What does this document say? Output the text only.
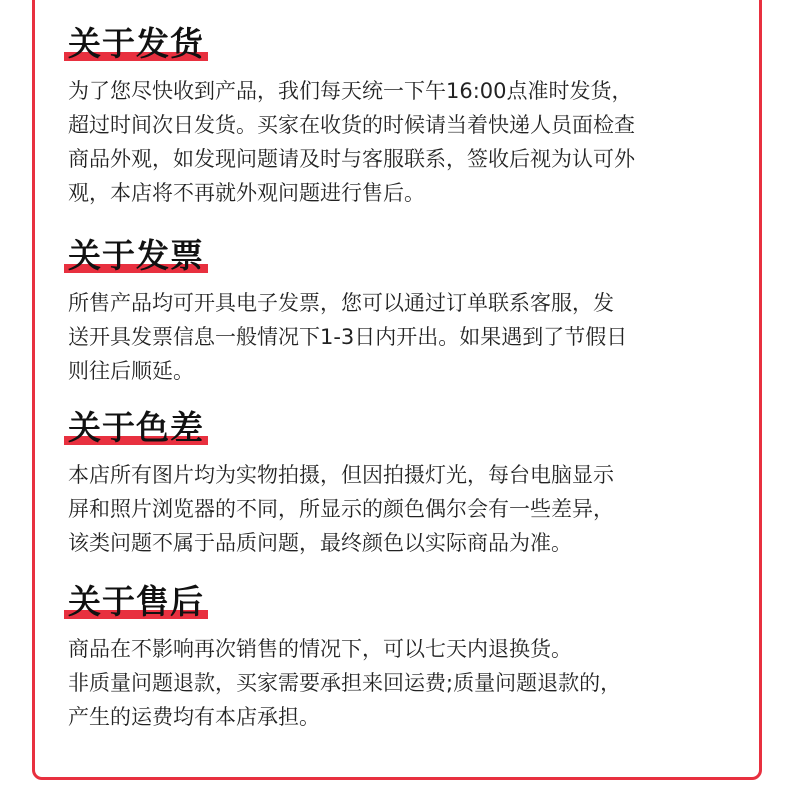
关于发货
为了您尽快收到产品，我们每天统一下午16:00点准时发货，
超过时间次日发货。买家在收货的时候请当着快递人员面检查
商品外观，如发现问题请及时与客服联系，签收后视为认可外
观，本店将不再就外观问题进行售后。
关于发票
所售产品均可开具电子发票，您可以通过订单联系客服，发
送开具发票信息一般情况下1-3日内开出。如果遇到了节假日
则往后顺延。
关于色差
本店所有图片均为实物拍摄，但因拍摄灯光，每台电脑显示
屏和照片浏览器的不同，所显示的颜色偶尔会有一些差异，
该类问题不属于品质问题，最终颜色以实际商品为准。
关于售后
商品在不影响再次销售的情况下，可以七天内退换货。
非质量问题退款，买家需要承担来回运费;质量问题退款的，
产生的运费均有本店承担。
